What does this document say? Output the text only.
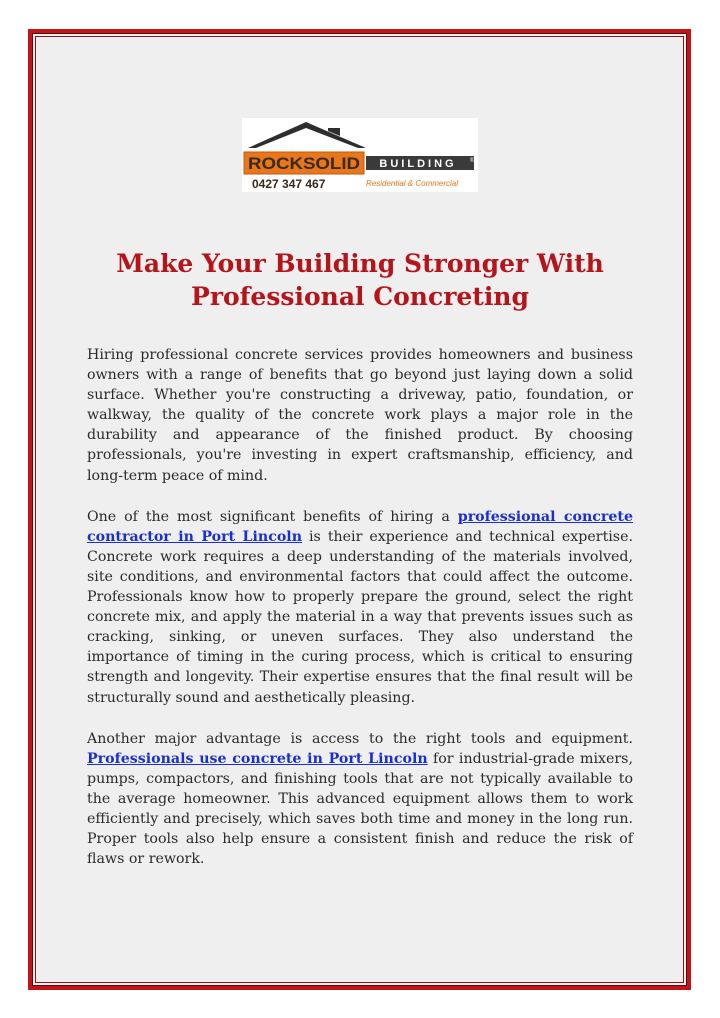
ROCKSOLID BUILDING ®
0427 347 467	Residential & Commercial
Make Your Building Stronger With Professional Concreting

Hiring professional concrete services provides homeowners and business owners with a range of benefits that go beyond just laying down a solid surface. Whether you're constructing a driveway, patio, foundation, or walkway, the quality of the concrete work plays a major role in the durability and appearance of the finished product. By choosing professionals, you're investing in expert craftsmanship, efficiency, and long-term peace of mind.

One of the most significant benefits of hiring a professional concrete contractor in Port Lincoln is their experience and technical expertise. Concrete work requires a deep understanding of the materials involved, site conditions, and environmental factors that could affect the outcome. Professionals know how to properly prepare the ground, select the right concrete mix, and apply the material in a way that prevents issues such as cracking, sinking, or uneven surfaces. They also understand the importance of timing in the curing process, which is critical to ensuring strength and longevity. Their expertise ensures that the final result will be structurally sound and aesthetically pleasing.

Another major advantage is access to the right tools and equipment. Professionals use concrete in Port Lincoln for industrial-grade mixers, pumps, compactors, and finishing tools that are not typically available to the average homeowner. This advanced equipment allows them to work efficiently and precisely, which saves both time and money in the long run. Proper tools also help ensure a consistent finish and reduce the risk of flaws or rework.
